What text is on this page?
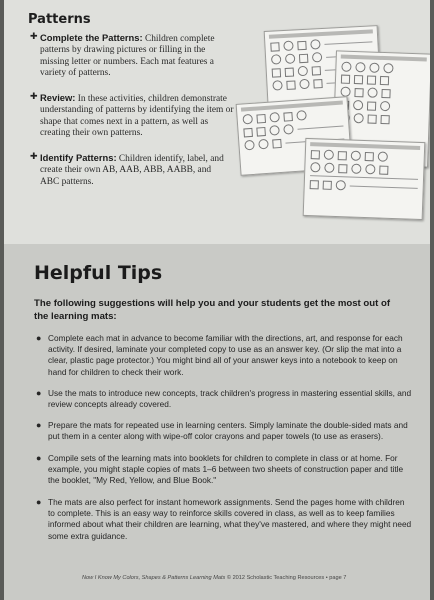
Patterns
✚ Complete the Patterns: Children complete patterns by drawing pictures or filling in the missing letter or numbers. Each mat features a variety of patterns.

✚ Review: In these activities, children demonstrate understanding of patterns by identifying the item or shape that comes next in a pattern, as well as creating their own patterns.

✚ Identify Patterns: Children identify, label, and create their own AB, AAB, ABB, AABB, and ABC patterns.

Helpful Tips
The following suggestions will help you and your students get the most out of the learning mats:
● Complete each mat in advance to become familiar with the directions, art, and response for each activity. If desired, laminate your completed copy to use as an answer key. (Or slip the mat into a clear, plastic page protector.) You might bind all of your answer keys into a notebook to keep on hand for children to check their work.

● Use the mats to introduce new concepts, track children's progress in mastering essential skills, and review concepts already covered.

● Prepare the mats for repeated use in learning centers. Simply laminate the double-sided mats and put them in a center along with wipe-off color crayons and paper towels (to use as erasers).

● Compile sets of the learning mats into booklets for children to complete in class or at home. For example, you might staple copies of mats 1–6 between two sheets of construction paper and title the booklet, "My Red, Yellow, and Blue Book."

● The mats are also perfect for instant homework assignments. Send the pages home with children to complete. This is an easy way to reinforce skills covered in class, as well as to keep families informed about what their children are learning, what they've mastered, and where they might need some extra guidance.

Now I Know My Colors, Shapes & Patterns Learning Mats © 2012 Scholastic Teaching Resources • page 7
